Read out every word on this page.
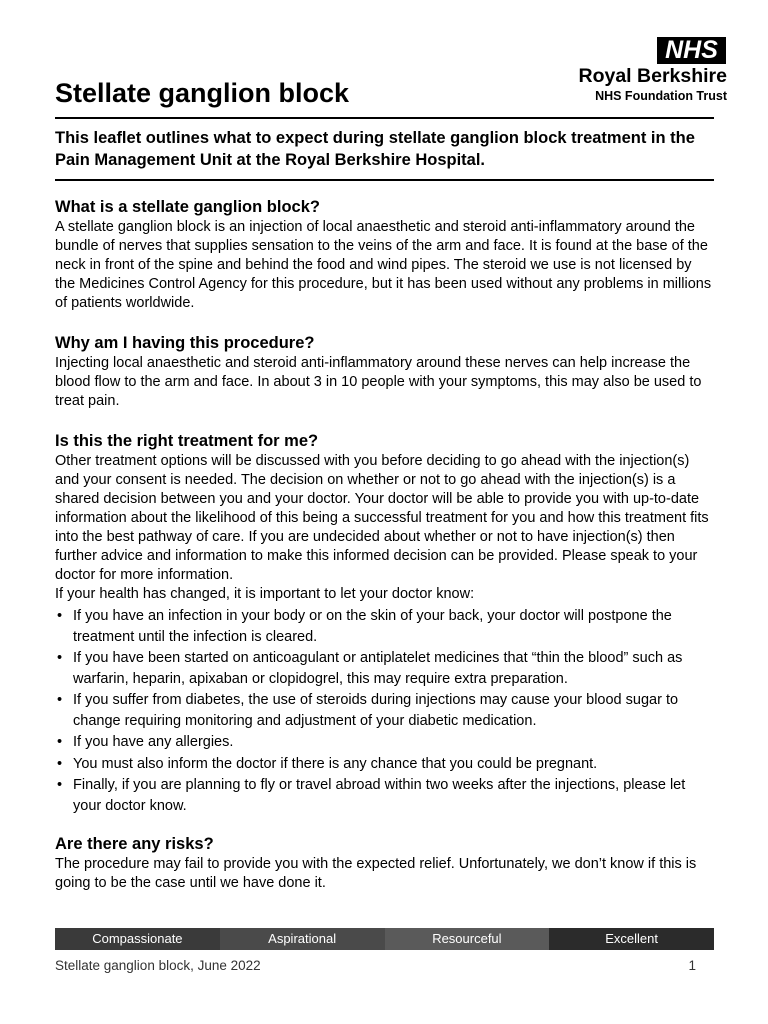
NHS
Royal Berkshire
NHS Foundation Trust
Stellate ganglion block

This leaflet outlines what to expect during stellate ganglion block treatment in the Pain Management Unit at the Royal Berkshire Hospital.

What is a stellate ganglion block?

A stellate ganglion block is an injection of local anaesthetic and steroid anti-inflammatory around the bundle of nerves that supplies sensation to the veins of the arm and face. It is found at the base of the neck in front of the spine and behind the food and wind pipes. The steroid we use is not licensed by the Medicines Control Agency for this procedure, but it has been used without any problems in millions of patients worldwide.

Why am I having this procedure?

Injecting local anaesthetic and steroid anti-inflammatory around these nerves can help increase the blood flow to the arm and face. In about 3 in 10 people with your symptoms, this may also be used to treat pain.

Is this the right treatment for me?

Other treatment options will be discussed with you before deciding to go ahead with the injection(s) and your consent is needed. The decision on whether or not to go ahead with the injection(s) is a shared decision between you and your doctor. Your doctor will be able to provide you with up-to-date information about the likelihood of this being a successful treatment for you and how this treatment fits into the best pathway of care. If you are undecided about whether or not to have injection(s) then further advice and information to make this informed decision can be provided. Please speak to your doctor for more information.

If your health has changed, it is important to let your doctor know:

• If you have an infection in your body or on the skin of your back, your doctor will postpone the treatment until the infection is cleared.
• If you have been started on anticoagulant or antiplatelet medicines that “thin the blood” such as warfarin, heparin, apixaban or clopidogrel, this may require extra preparation.
• If you suffer from diabetes, the use of steroids during injections may cause your blood sugar to change requiring monitoring and adjustment of your diabetic medication.
• If you have any allergies.
• You must also inform the doctor if there is any chance that you could be pregnant.
• Finally, if you are planning to fly or travel abroad within two weeks after the injections, please let your doctor know.
Are there any risks?

The procedure may fail to provide you with the expected relief. Unfortunately, we don’t know if this is going to be the case until we have done it.

Compassionate	Aspirational	Resourceful	Excellent
Stellate ganglion block, June 2022	1
